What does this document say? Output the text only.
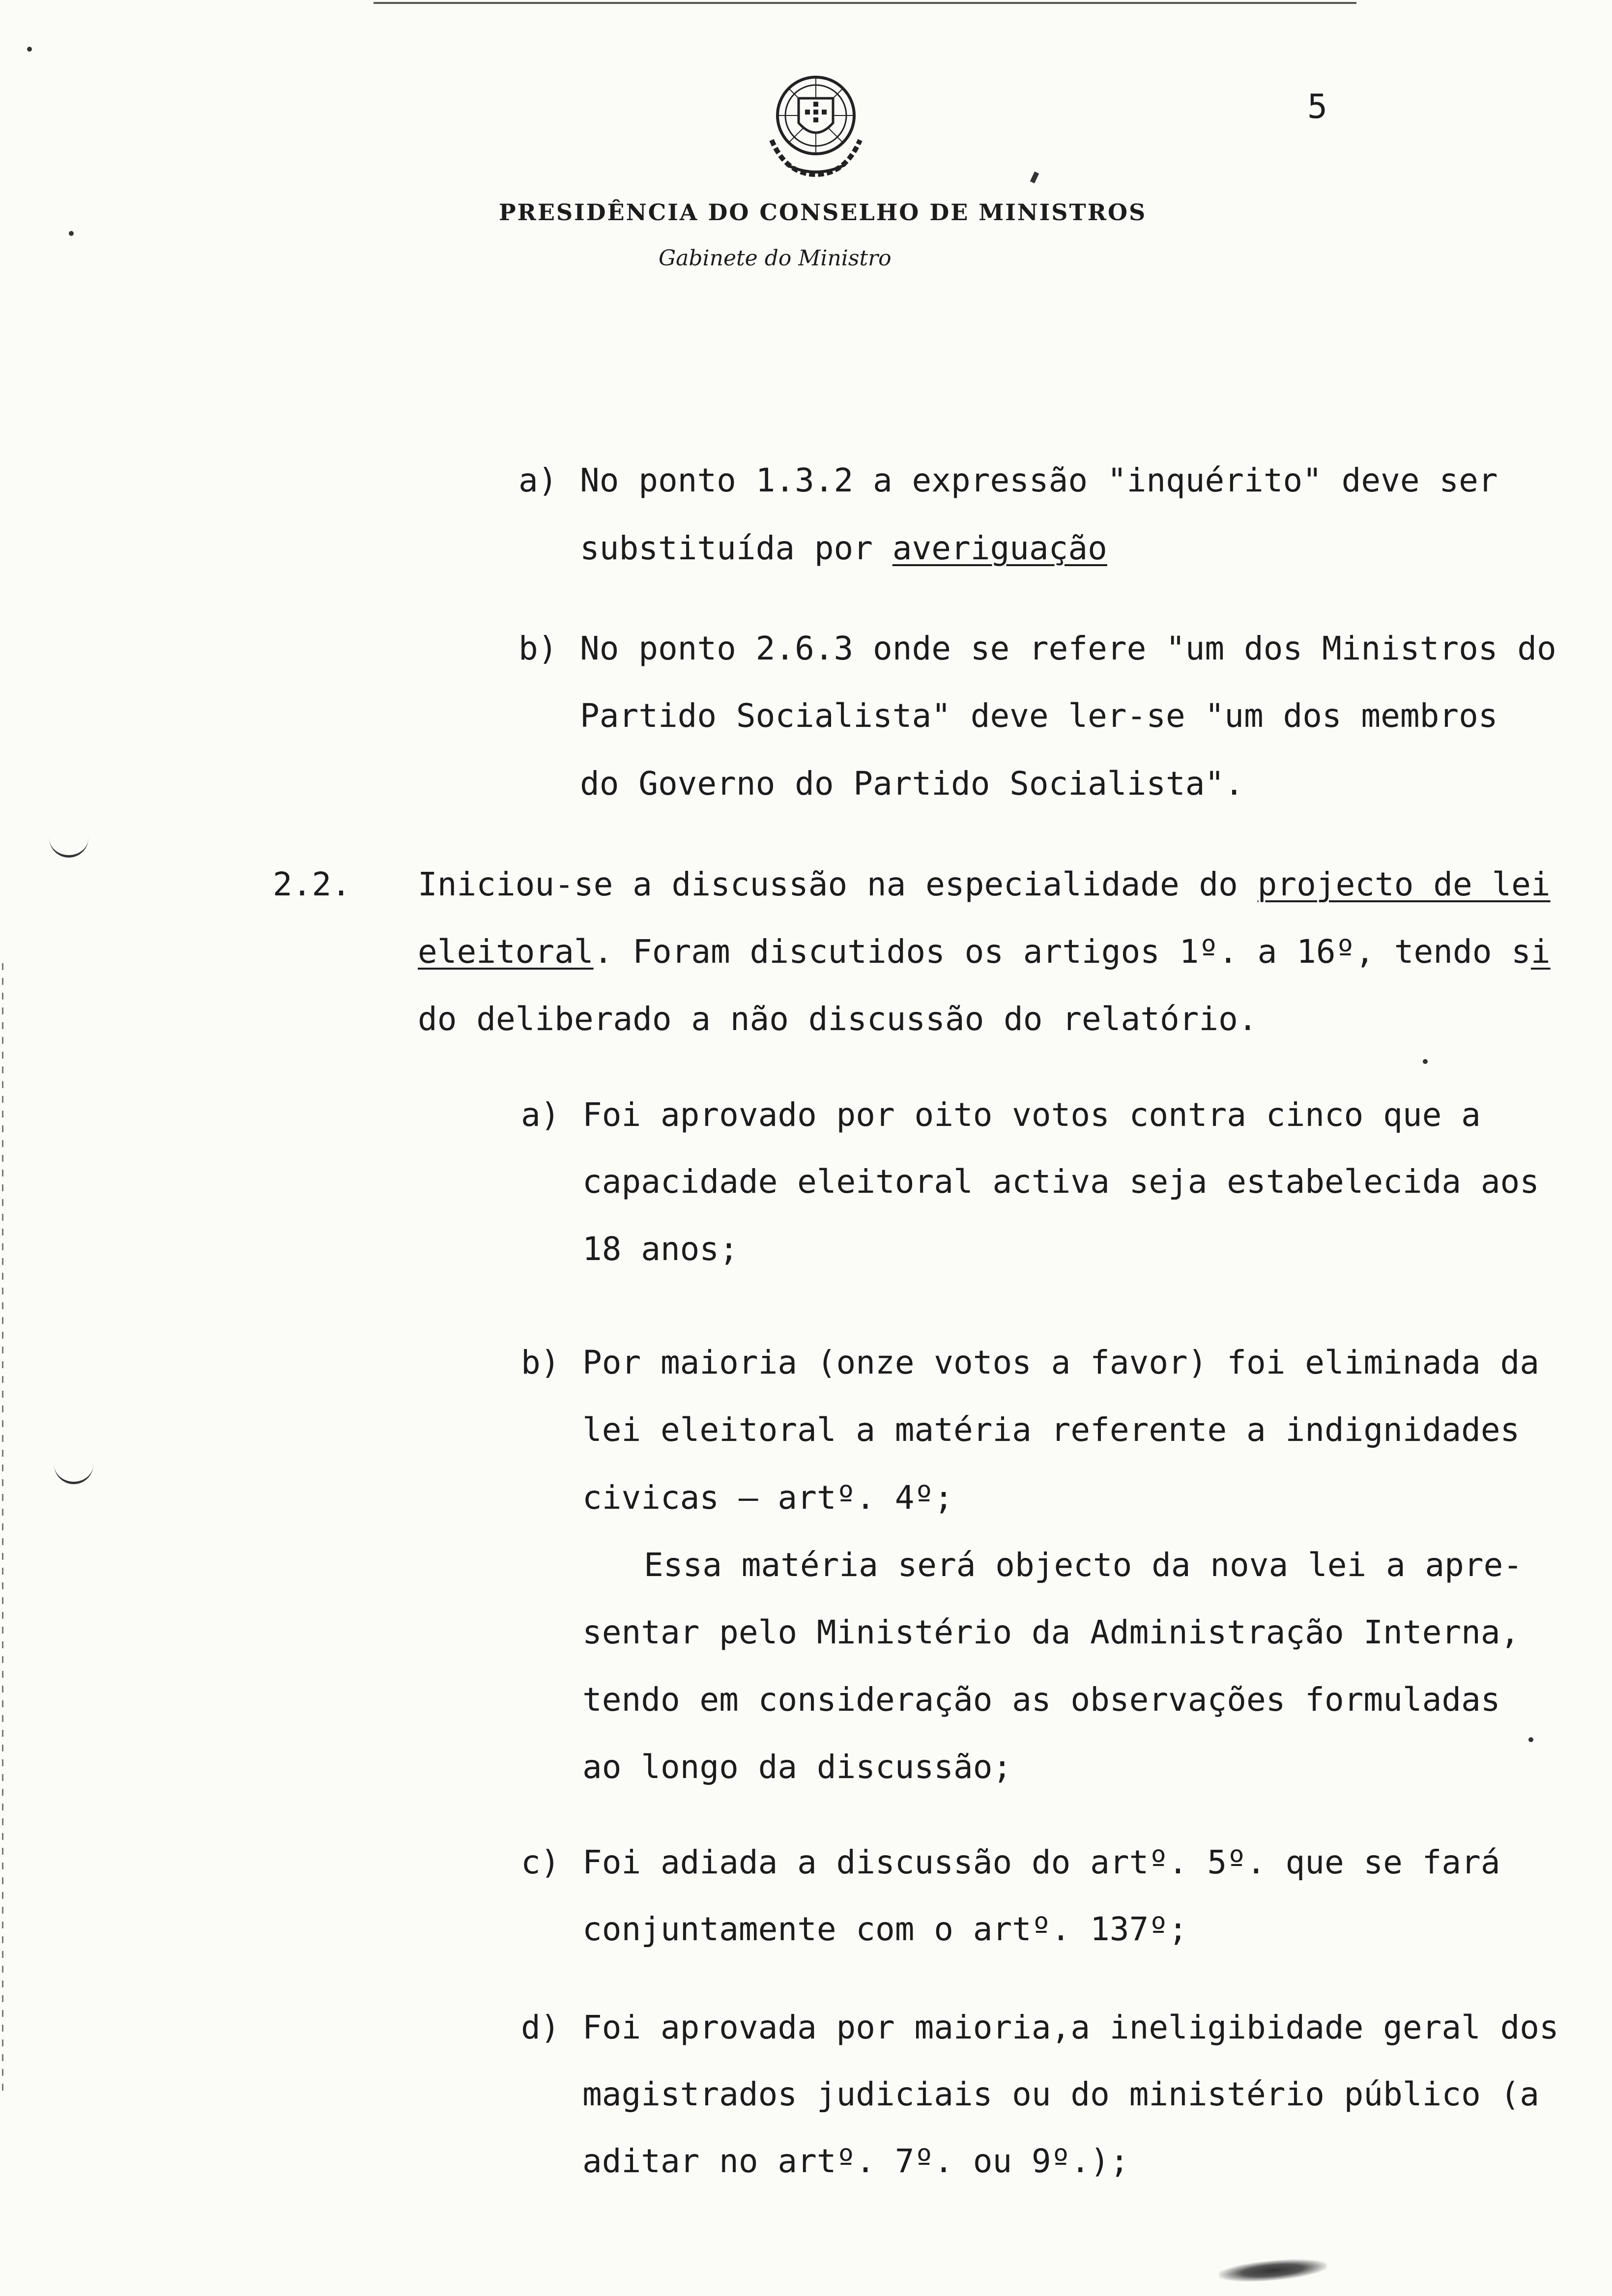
5
PRESIDÊNCIA DO CONSELHO DE MINISTROS
Gabinete do Ministro
a) No ponto 1.3.2 a expressão "inquérito" deve ser
substituída por averiguação
b) No ponto 2.6.3 onde se refere "um dos Ministros do
Partido Socialista" deve ler-se "um dos membros
do Governo do Partido Socialista".
2.2. Iniciou-se a discussão na especialidade do projecto de lei
eleitoral. Foram discutidos os artigos 1º. a 16º, tendo si
do deliberado a não discussão do relatório.
a) Foi aprovado por oito votos contra cinco que a
capacidade eleitoral activa seja estabelecida aos
18 anos;
b) Por maioria (onze votos a favor) foi eliminada da
lei eleitoral a matéria referente a indignidades
civicas — artº. 4º;
Essa matéria será objecto da nova lei a apre-
sentar pelo Ministério da Administração Interna,
tendo em consideração as observações formuladas
ao longo da discussão;
c) Foi adiada a discussão do artº. 5º. que se fará
conjuntamente com o artº. 137º;
d) Foi aprovada por maioria,a ineligibidade geral dos
magistrados judiciais ou do ministério público (a
aditar no artº. 7º. ou 9º.);
